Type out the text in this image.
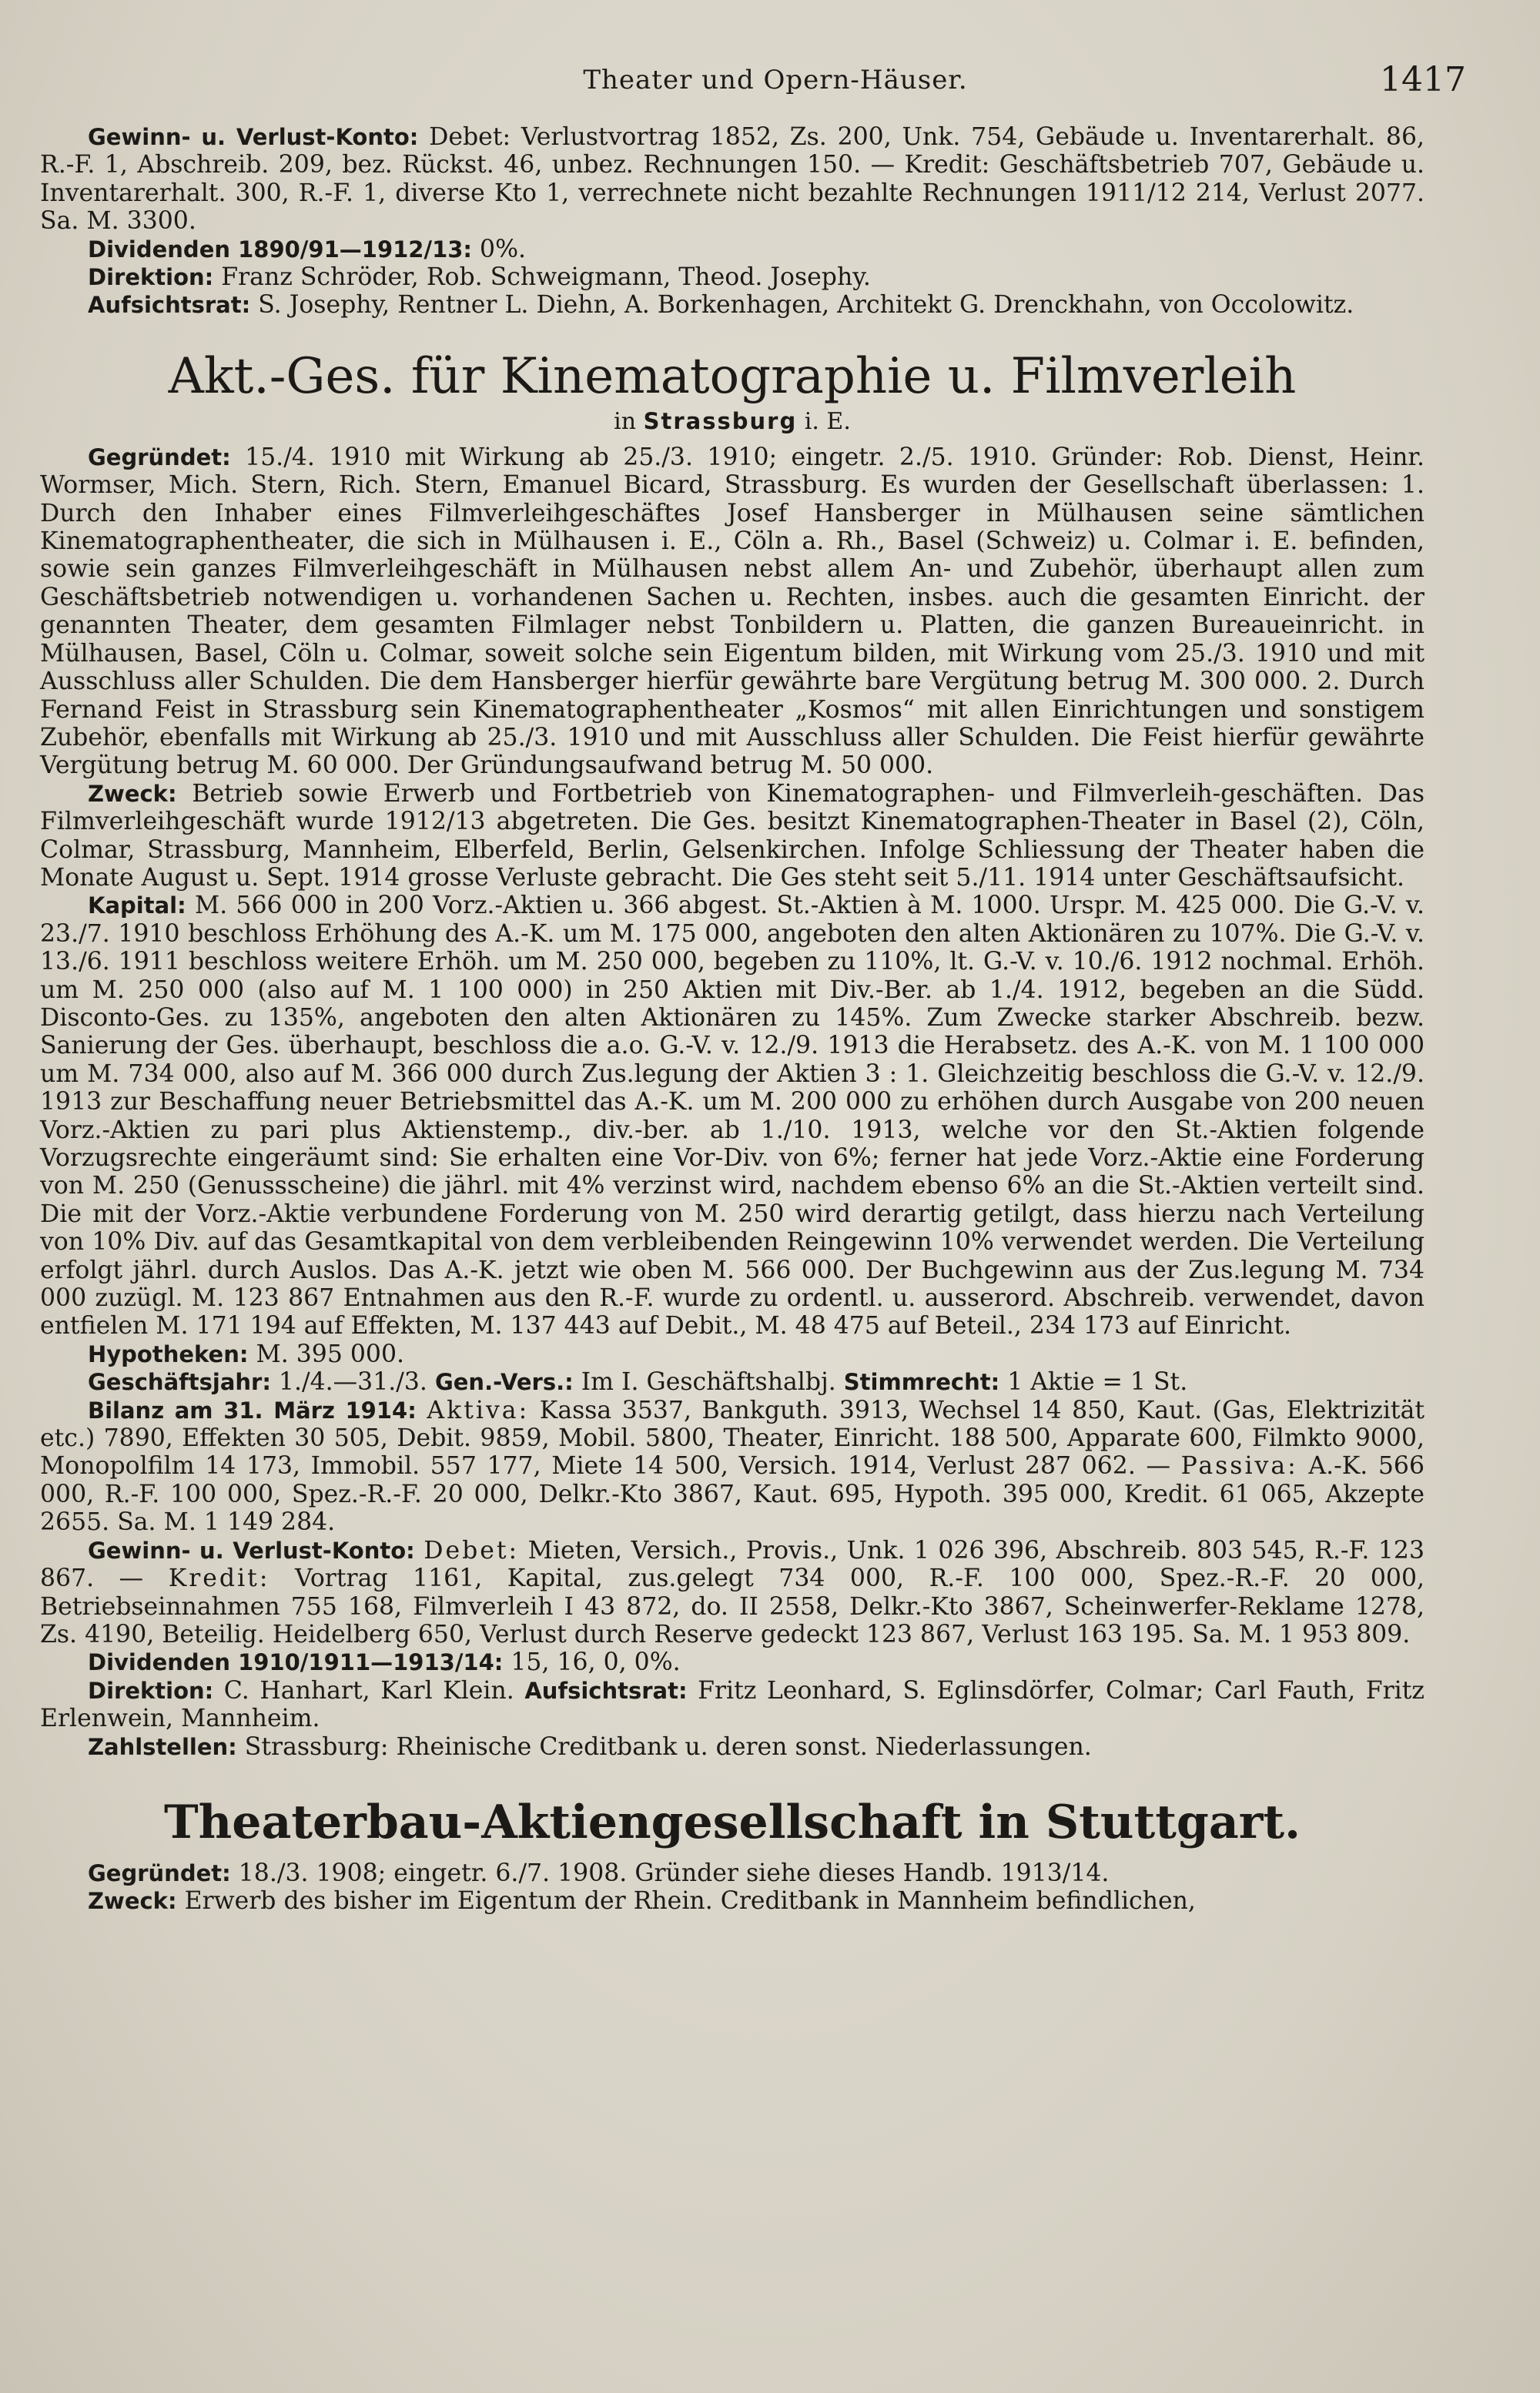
Theater und Opern-Häuser.	1417

Gewinn- u. Verlust-Konto: Debet: Verlustvortrag 1852, Zs. 200, Unk. 754, Gebäude u. Inventarerhalt. 86, R.-F. 1, Abschreib. 209, bez. Rückst. 46, unbez. Rechnungen 150. — Kredit: Geschäftsbetrieb 707, Gebäude u. Inventarerhalt. 300, R.-F. 1, diverse Kto 1, verrechnete nicht bezahlte Rechnungen 1911/12 214, Verlust 2077. Sa. M. 3300.

Dividenden 1890/91—1912/13: 0%.

Direktion: Franz Schröder, Rob. Schweigmann, Theod. Josephy.

Aufsichtsrat: S. Josephy, Rentner L. Diehn, A. Borkenhagen, Architekt G. Drenckhahn, von Occolowitz.

Akt.-Ges. für Kinematographie u. Filmverleih
in Strassburg i. E.

Gegründet: 15./4. 1910 mit Wirkung ab 25./3. 1910; eingetr. 2./5. 1910. Gründer: Rob. Dienst, Heinr. Wormser, Mich. Stern, Rich. Stern, Emanuel Bicard, Strassburg. Es wurden der Gesellschaft überlassen: 1. Durch den Inhaber eines Filmverleihgeschäftes Josef Hansberger in Mülhausen seine sämtlichen Kinematographentheater, die sich in Mülhausen i. E., Cöln a. Rh., Basel (Schweiz) u. Colmar i. E. befinden, sowie sein ganzes Filmverleihgeschäft in Mülhausen nebst allem An- und Zubehör, überhaupt allen zum Geschäftsbetrieb notwendigen u. vorhandenen Sachen u. Rechten, insbes. auch die gesamten Einricht. der genannten Theater, dem gesamten Filmlager nebst Tonbildern u. Platten, die ganzen Bureaueinricht. in Mülhausen, Basel, Cöln u. Colmar, soweit solche sein Eigentum bilden, mit Wirkung vom 25./3. 1910 und mit Ausschluss aller Schulden. Die dem Hansberger hierfür gewährte bare Vergütung betrug M. 300 000. 2. Durch Fernand Feist in Strassburg sein Kinematographentheater „Kosmos“ mit allen Einrichtungen und sonstigem Zubehör, ebenfalls mit Wirkung ab 25./3. 1910 und mit Ausschluss aller Schulden. Die Feist hierfür gewährte Vergütung betrug M. 60 000. Der Gründungsaufwand betrug M. 50 000.

Zweck: Betrieb sowie Erwerb und Fortbetrieb von Kinematographen- und Filmverleih-geschäften. Das Filmverleihgeschäft wurde 1912/13 abgetreten. Die Ges. besitzt Kinematographen-Theater in Basel (2), Cöln, Colmar, Strassburg, Mannheim, Elberfeld, Berlin, Gelsenkirchen. Infolge Schliessung der Theater haben die Monate August u. Sept. 1914 grosse Verluste gebracht. Die Ges steht seit 5./11. 1914 unter Geschäftsaufsicht.

Kapital: M. 566 000 in 200 Vorz.-Aktien u. 366 abgest. St.-Aktien à M. 1000. Urspr. M. 425 000. Die G.-V. v. 23./7. 1910 beschloss Erhöhung des A.-K. um M. 175 000, angeboten den alten Aktionären zu 107%. Die G.-V. v. 13./6. 1911 beschloss weitere Erhöh. um M. 250 000, begeben zu 110%, lt. G.-V. v. 10./6. 1912 nochmal. Erhöh. um M. 250 000 (also auf M. 1 100 000) in 250 Aktien mit Div.-Ber. ab 1./4. 1912, begeben an die Südd. Disconto-Ges. zu 135%, angeboten den alten Aktionären zu 145%. Zum Zwecke starker Abschreib. bezw. Sanierung der Ges. überhaupt, beschloss die a.o. G.-V. v. 12./9. 1913 die Herabsetz. des A.-K. von M. 1 100 000 um M. 734 000, also auf M. 366 000 durch Zus.legung der Aktien 3 : 1. Gleichzeitig beschloss die G.-V. v. 12./9. 1913 zur Beschaffung neuer Betriebsmittel das A.-K. um M. 200 000 zu erhöhen durch Ausgabe von 200 neuen Vorz.-Aktien zu pari plus Aktienstemp., div.-ber. ab 1./10. 1913, welche vor den St.-Aktien folgende Vorzugsrechte eingeräumt sind: Sie erhalten eine Vor-Div. von 6%; ferner hat jede Vorz.-Aktie eine Forderung von M. 250 (Genussscheine) die jährl. mit 4% verzinst wird, nachdem ebenso 6% an die St.-Aktien verteilt sind. Die mit der Vorz.-Aktie verbundene Forderung von M. 250 wird derartig getilgt, dass hierzu nach Verteilung von 10% Div. auf das Gesamtkapital von dem verbleibenden Reingewinn 10% verwendet werden. Die Verteilung erfolgt jährl. durch Auslos. Das A.-K. jetzt wie oben M. 566 000. Der Buchgewinn aus der Zus.legung M. 734 000 zuzügl. M. 123 867 Entnahmen aus den R.-F. wurde zu ordentl. u. ausserord. Abschreib. verwendet, davon entfielen M. 171 194 auf Effekten, M. 137 443 auf Debit., M. 48 475 auf Beteil., 234 173 auf Einricht.

Hypotheken: M. 395 000.

Geschäftsjahr: 1./4.—31./3. Gen.-Vers.: Im I. Geschäftshalbj. Stimmrecht: 1 Aktie = 1 St.

Bilanz am 31. März 1914: Aktiva: Kassa 3537, Bankguth. 3913, Wechsel 14 850, Kaut. (Gas, Elektrizität etc.) 7890, Effekten 30 505, Debit. 9859, Mobil. 5800, Theater, Einricht. 188 500, Apparate 600, Filmkto 9000, Monopolfilm 14 173, Immobil. 557 177, Miete 14 500, Versich. 1914, Verlust 287 062. — Passiva: A.-K. 566 000, R.-F. 100 000, Spez.-R.-F. 20 000, Delkr.-Kto 3867, Kaut. 695, Hypoth. 395 000, Kredit. 61 065, Akzepte 2655. Sa. M. 1 149 284.

Gewinn- u. Verlust-Konto: Debet: Mieten, Versich., Provis., Unk. 1 026 396, Abschreib. 803 545, R.-F. 123 867. — Kredit: Vortrag 1161, Kapital, zus.gelegt 734 000, R.-F. 100 000, Spez.-R.-F. 20 000, Betriebseinnahmen 755 168, Filmverleih I 43 872, do. II 2558, Delkr.-Kto 3867, Scheinwerfer-Reklame 1278, Zs. 4190, Beteilig. Heidelberg 650, Verlust durch Reserve gedeckt 123 867, Verlust 163 195. Sa. M. 1 953 809.

Dividenden 1910/1911—1913/14: 15, 16, 0, 0%.

Direktion: C. Hanhart, Karl Klein. Aufsichtsrat: Fritz Leonhard, S. Eglinsdörfer, Colmar; Carl Fauth, Fritz Erlenwein, Mannheim.

Zahlstellen: Strassburg: Rheinische Creditbank u. deren sonst. Niederlassungen.

Theaterbau-Aktiengesellschaft in Stuttgart.

Gegründet: 18./3. 1908; eingetr. 6./7. 1908. Gründer siehe dieses Handb. 1913/14.

Zweck: Erwerb des bisher im Eigentum der Rhein. Creditbank in Mannheim befindlichen,
